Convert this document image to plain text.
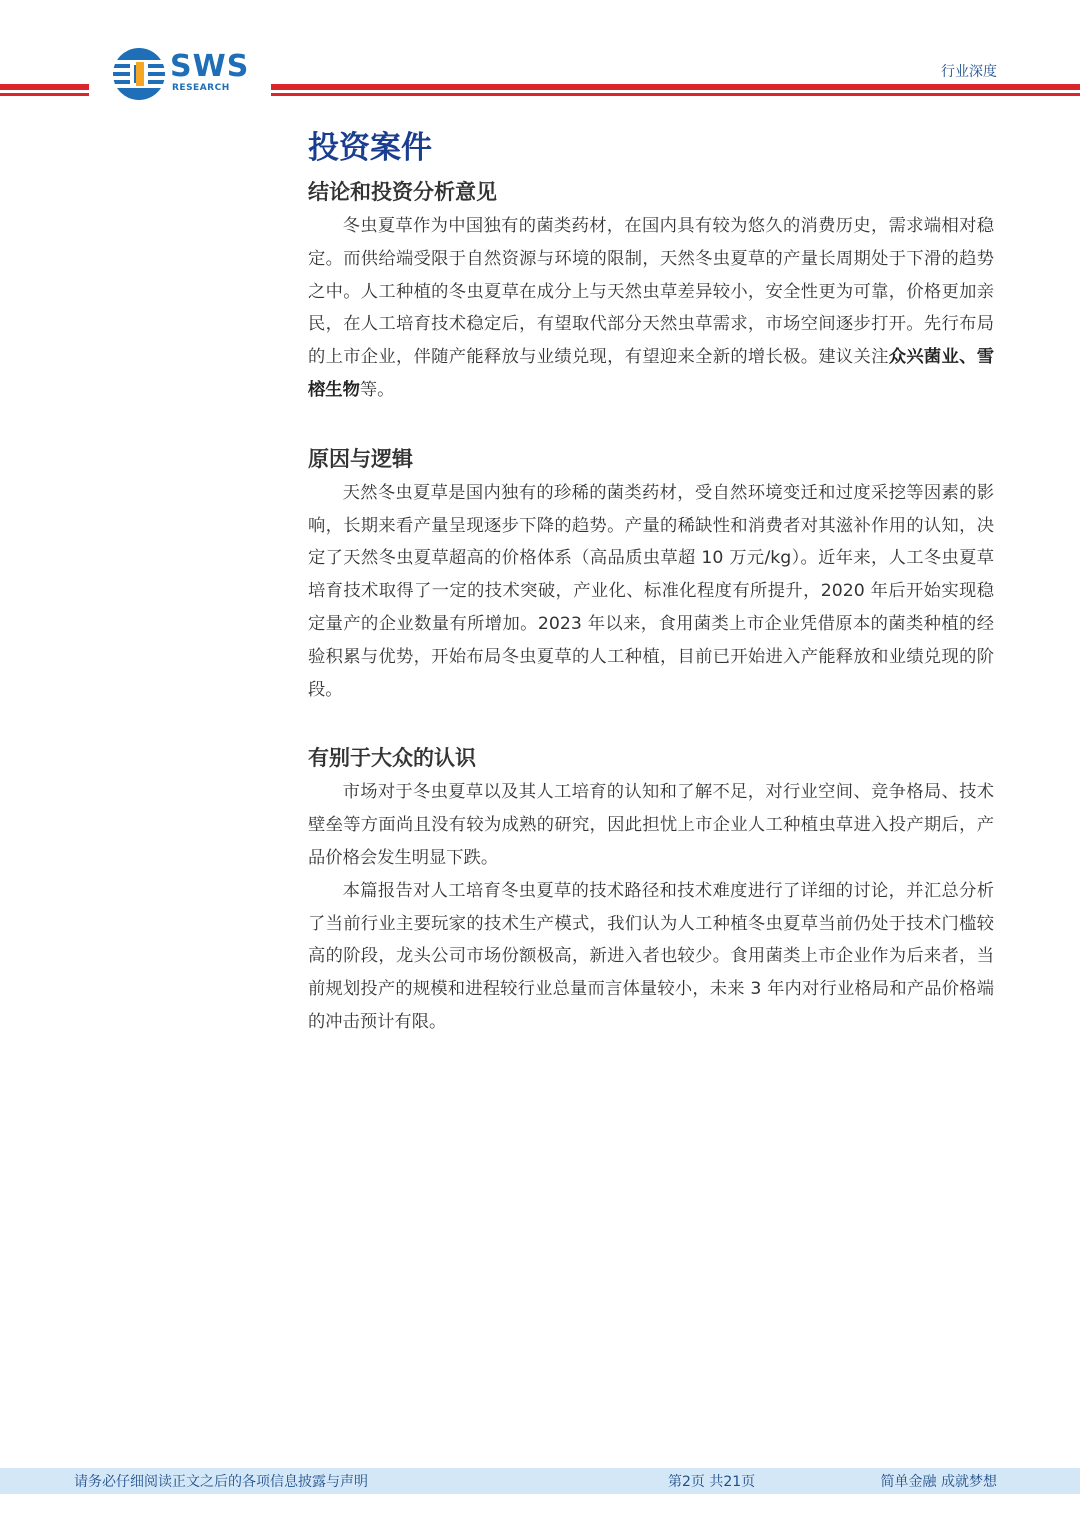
SWS
RESEARCH
行业深度
投资案件
结论和投资分析意见

冬虫夏草作为中国独有的菌类药材，在国内具有较为悠久的消费历史，需求端相对稳定。而供给端受限于自然资源与环境的限制，天然冬虫夏草的产量长周期处于下滑的趋势之中。人工种植的冬虫夏草在成分上与天然虫草差异较小，安全性更为可靠，价格更加亲民，在人工培育技术稳定后，有望取代部分天然虫草需求，市场空间逐步打开。先行布局的上市企业，伴随产能释放与业绩兑现，有望迎来全新的增长极。建议关注众兴菌业、雪榕生物等。

原因与逻辑

天然冬虫夏草是国内独有的珍稀的菌类药材，受自然环境变迁和过度采挖等因素的影响，长期来看产量呈现逐步下降的趋势。产量的稀缺性和消费者对其滋补作用的认知，决定了天然冬虫夏草超高的价格体系（高品质虫草超 10 万元/kg）。近年来，人工冬虫夏草培育技术取得了一定的技术突破，产业化、标准化程度有所提升，2020 年后开始实现稳定量产的企业数量有所增加。2023 年以来，食用菌类上市企业凭借原本的菌类种植的经验积累与优势，开始布局冬虫夏草的人工种植，目前已开始进入产能释放和业绩兑现的阶段。

有别于大众的认识

市场对于冬虫夏草以及其人工培育的认知和了解不足，对行业空间、竞争格局、技术壁垒等方面尚且没有较为成熟的研究，因此担忧上市企业人工种植虫草进入投产期后，产品价格会发生明显下跌。

本篇报告对人工培育冬虫夏草的技术路径和技术难度进行了详细的讨论，并汇总分析了当前行业主要玩家的技术生产模式，我们认为人工种植冬虫夏草当前仍处于技术门槛较高的阶段，龙头公司市场份额极高，新进入者也较少。食用菌类上市企业作为后来者，当前规划投产的规模和进程较行业总量而言体量较小，未来 3 年内对行业格局和产品价格端的冲击预计有限。

请务必仔细阅读正文之后的各项信息披露与声明	第2页 共21页	简单金融 成就梦想
